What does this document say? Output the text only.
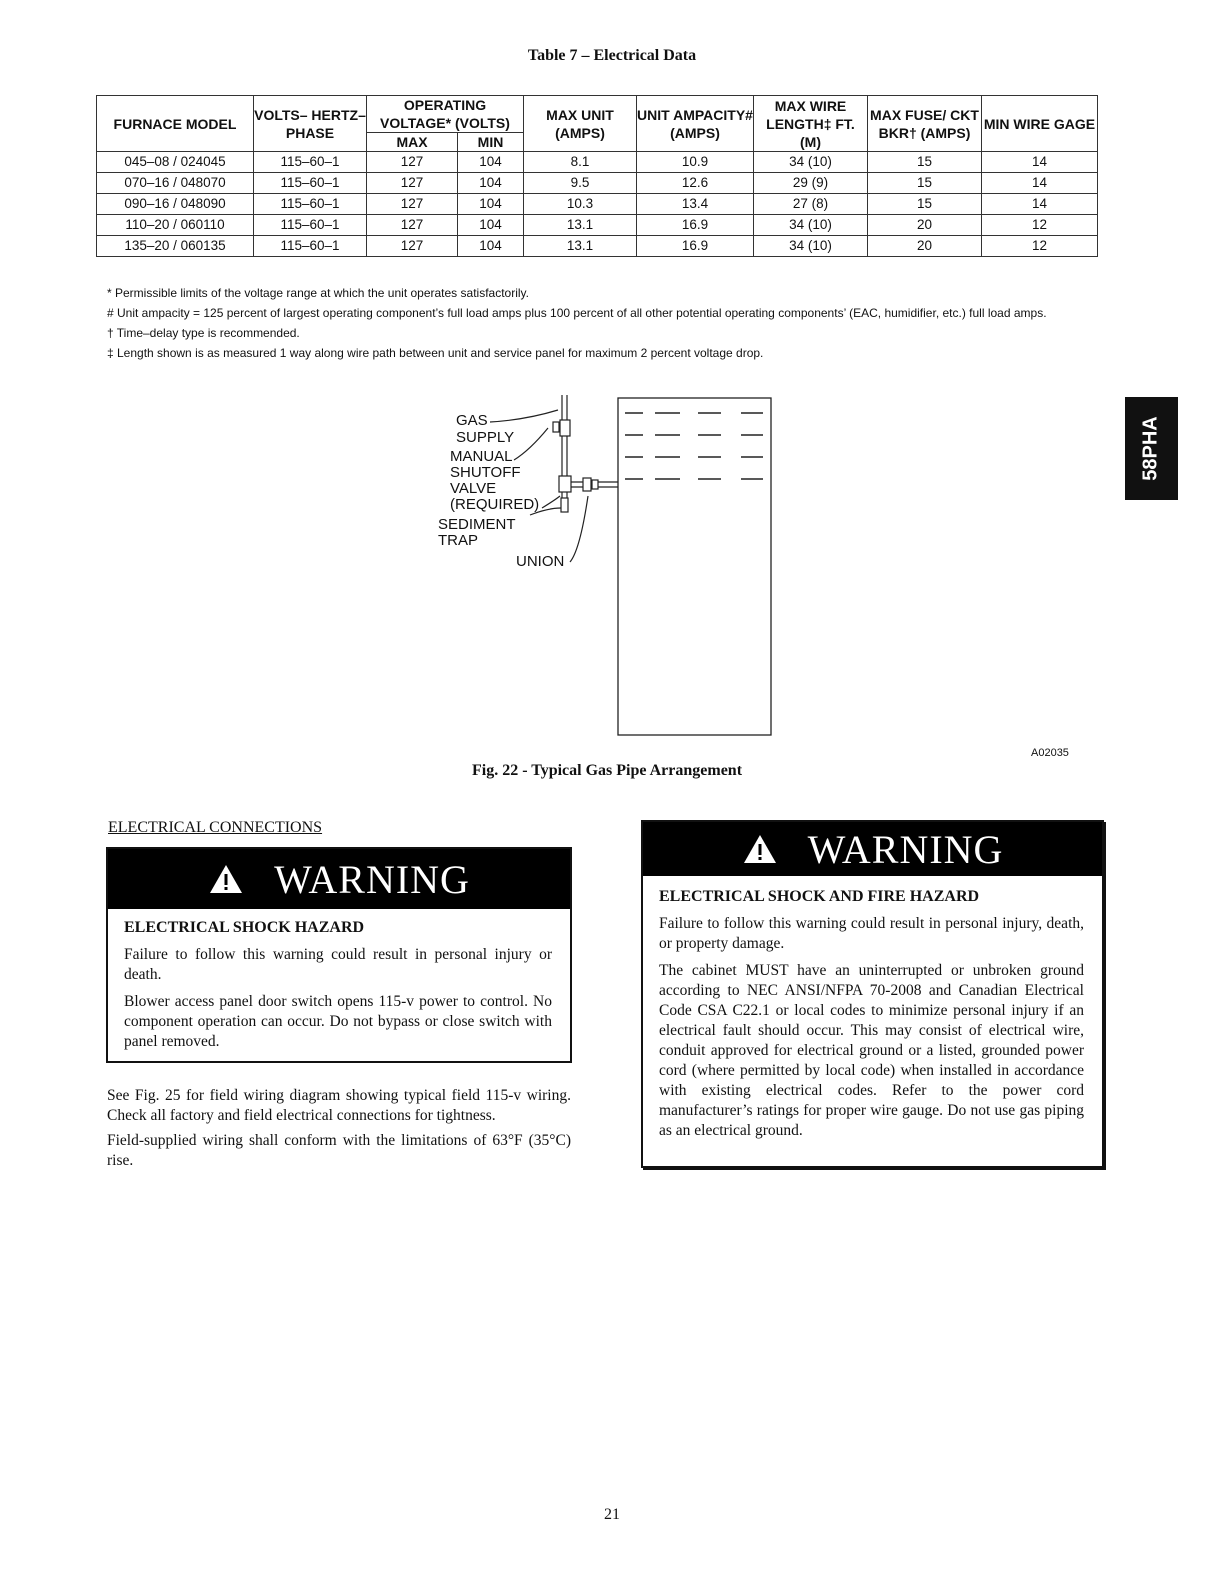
Table 7 – Electrical Data
FURNACE MODEL	VOLTS– HERTZ– PHASE	OPERATING VOLTAGE* (VOLTS)		MAX UNIT (AMPS)	UNIT AMPACITY# (AMPS)	MAX WIRE LENGTH‡ FT. (M)	MAX FUSE/ CKT BKR† (AMPS)	MIN WIRE GAGE
		MAX	MIN					
045–08 / 024045	115–60–1	127	104	8.1	10.9	34 (10)	15	14
070–16 / 048070	115–60–1	127	104	9.5	12.6	29 (9)	15	14
090–16 / 048090	115–60–1	127	104	10.3	13.4	27 (8)	15	14
110–20 / 060110	115–60–1	127	104	13.1	16.9	34 (10)	20	12
135–20 / 060135	115–60–1	127	104	13.1	16.9	34 (10)	20	12

* Permissible limits of the voltage range at which the unit operates satisfactorily.

# Unit ampacity = 125 percent of largest operating component’s full load amps plus 100 percent of all other potential operating components’ (EAC, humidifier, etc.) full load amps.

† Time–delay type is recommended.

‡ Length shown is as measured 1 way along wire path between unit and service panel for maximum 2 percent voltage drop.

58PHA
GAS
SUPPLY
MANUAL
SHUTOFF
VALVE
(REQUIRED)
SEDIMENT
TRAP
UNION
A02035
Fig. 22 - Typical Gas Pipe Arrangement
ELECTRICAL CONNECTIONS
WARNING
ELECTRICAL SHOCK HAZARD

Failure to follow this warning could result in personal injury or death.

Blower access panel door switch opens 115-v power to control. No component operation can occur. Do not bypass or close switch with panel removed.

See Fig. 25 for field wiring diagram showing typical field 115-v wiring. Check all factory and field electrical connections for tightness.

Field-supplied wiring shall conform with the limitations of 63°F (35°C) rise.

WARNING
ELECTRICAL SHOCK AND FIRE HAZARD

Failure to follow this warning could result in personal injury, death, or property damage.

The cabinet MUST have an uninterrupted or unbroken ground according to NEC ANSI/NFPA 70-2008 and Canadian Electrical Code CSA C22.1 or local codes to minimize personal injury if an electrical fault should occur. This may consist of electrical wire, conduit approved for electrical ground or a listed, grounded power cord (where permitted by local code) when installed in accordance with existing electrical codes. Refer to the power cord manufacturer’s ratings for proper wire gauge. Do not use gas piping as an electrical ground.

21
